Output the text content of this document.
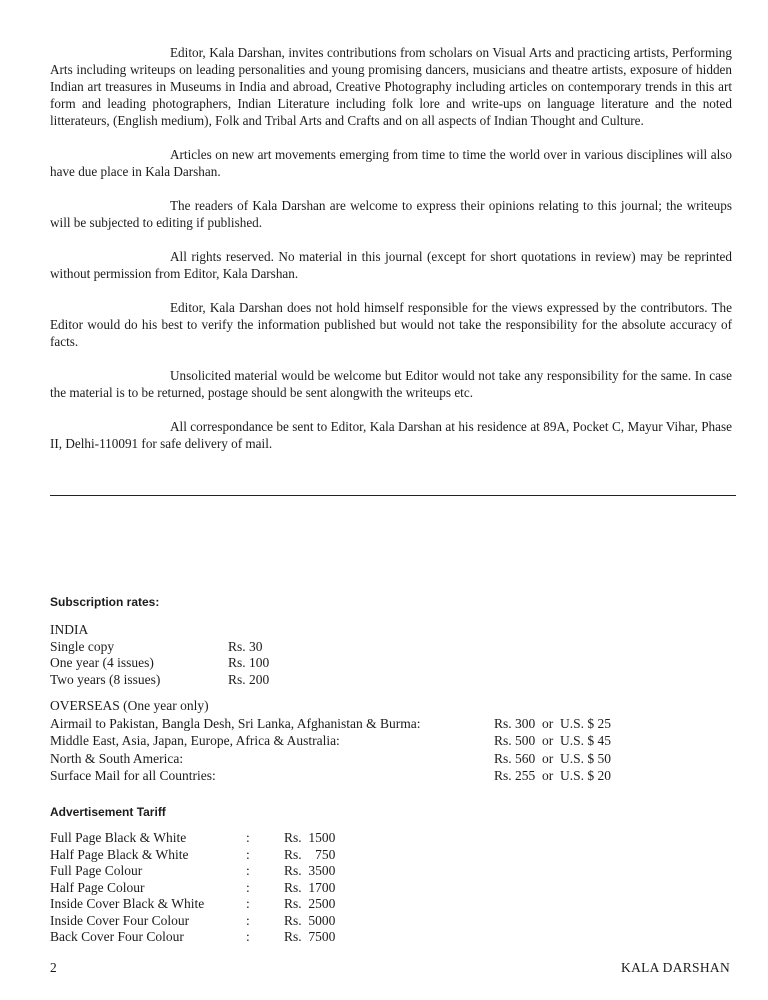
Editor, Kala Darshan, invites contributions from scholars on Visual Arts and practicing artists, Performing Arts including writeups on leading personalities and young promising dancers, musicians and theatre artists, exposure of hidden Indian art treasures in Museums in India and abroad, Creative Photography including articles on contemporary trends in this art form and leading photographers, Indian Literature including folk lore and write-ups on language literature and the noted litterateurs, (English medium), Folk and Tribal Arts and Crafts and on all aspects of Indian Thought and Culture.

Articles on new art movements emerging from time to time the world over in various disciplines will also have due place in Kala Darshan.

The readers of Kala Darshan are welcome to express their opinions relating to this journal; the writeups will be subjected to editing if published.

All rights reserved. No material in this journal (except for short quotations in review) may be reprinted without permission from Editor, Kala Darshan.

Editor, Kala Darshan does not hold himself responsible for the views expressed by the contributors. The Editor would do his best to verify the information published but would not take the responsibility for the absolute accuracy of facts.

Unsolicited material would be welcome but Editor would not take any responsibility for the same. In case the material is to be returned, postage should be sent alongwith the writeups etc.

All correspondance be sent to Editor, Kala Darshan at his residence at 89A, Pocket C, Mayur Vihar, Phase II, Delhi-110091 for safe delivery of mail.

Subscription rates:
INDIA
Single copy	Rs. 30
One year (4 issues)	Rs. 100
Two years (8 issues)	Rs. 200
OVERSEAS (One year only)
Airmail to Pakistan, Bangla Desh, Sri Lanka, Afghanistan & Burma:	Rs. 300  or  U.S. $ 25
Middle East, Asia, Japan, Europe, Africa & Australia:	Rs. 500  or  U.S. $ 45
North & South America:	Rs. 560  or  U.S. $ 50
Surface Mail for all Countries:	Rs. 255  or  U.S. $ 20
Advertisement Tariff
Full Page Black & White	:	Rs.  1500
Half Page Black & White	:	Rs.    750
Full Page Colour	:	Rs.  3500
Half Page Colour	:	Rs.  1700
Inside Cover Black & White	:	Rs.  2500
Inside Cover Four Colour	:	Rs.  5000
Back Cover Four Colour	:	Rs.  7500
2	KALA DARSHAN
